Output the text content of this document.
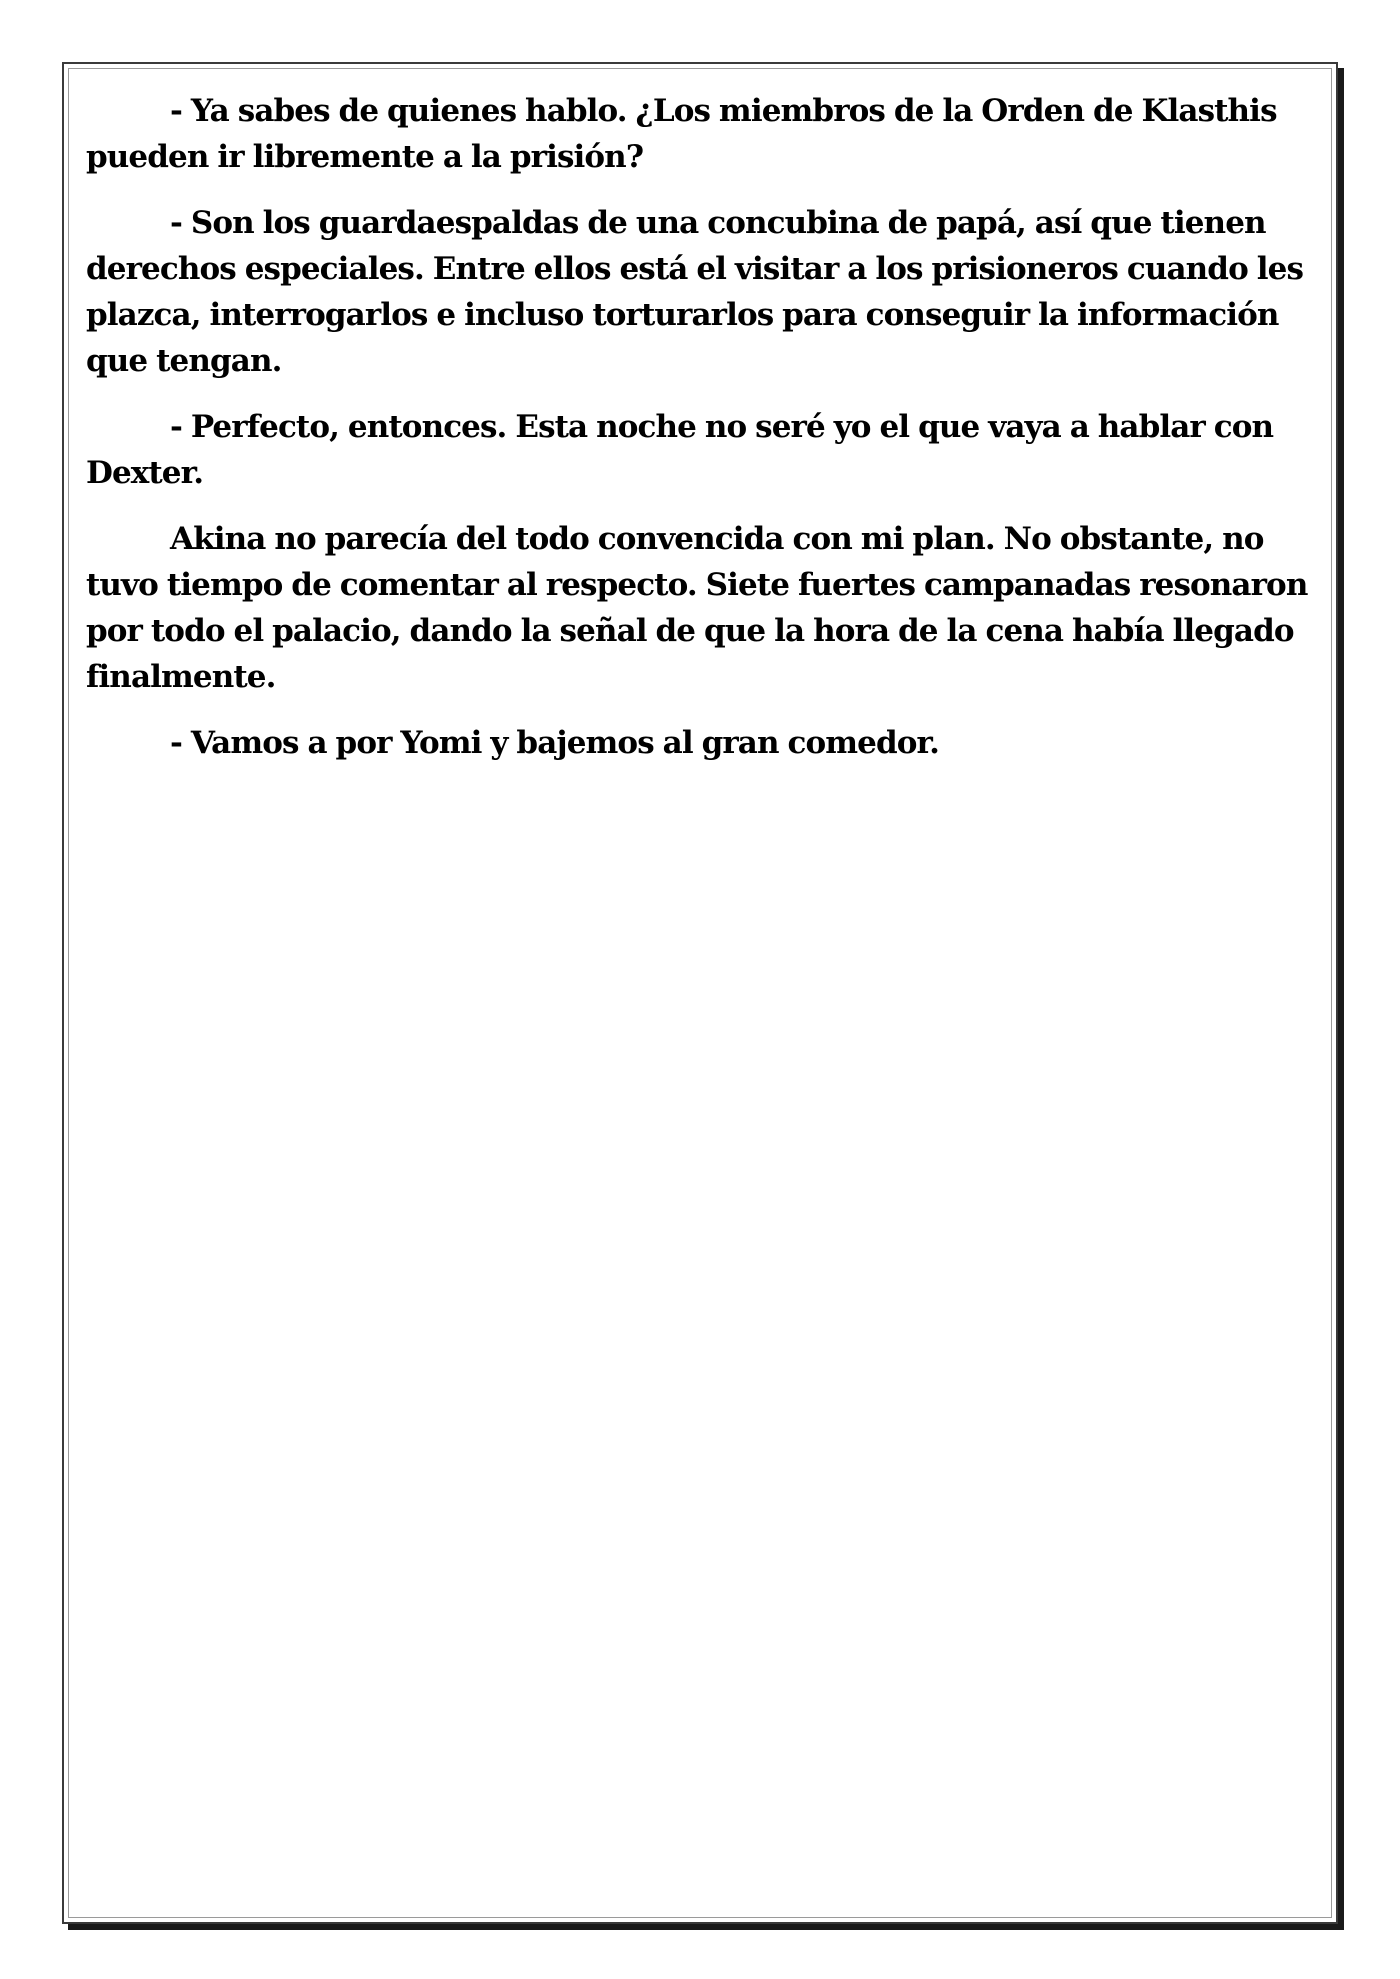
- Ya sabes de quienes hablo. ¿Los miembros de la Orden de Klasthis pueden ir libremente a la prisión?

- Son los guardaespaldas de una concubina de papá, así que tienen derechos especiales. Entre ellos está el visitar a los prisioneros cuando les plazca, interrogarlos e incluso torturarlos para conseguir la información que tengan.

- Perfecto, entonces. Esta noche no seré yo el que vaya a hablar con Dexter.

Akina no parecía del todo convencida con mi plan. No obstante, no tuvo tiempo de comentar al respecto. Siete fuertes campanadas resonaron por todo el palacio, dando la señal de que la hora de la cena había llegado finalmente.

- Vamos a por Yomi y bajemos al gran comedor.
